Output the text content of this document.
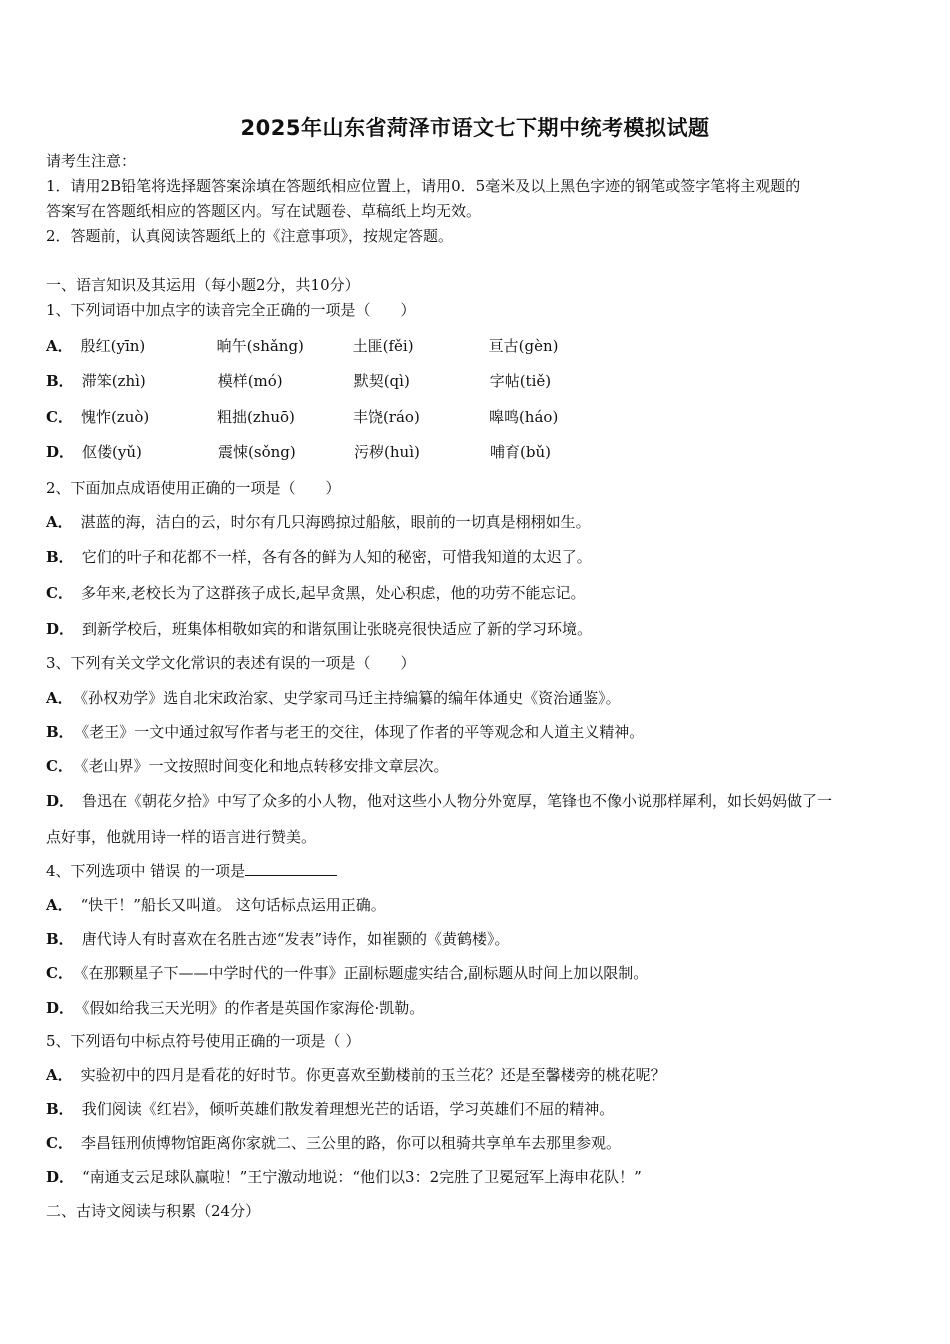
2025年山东省菏泽市语文七下期中统考模拟试题
请考生注意：
1．请用2B铅笔将选择题答案涂填在答题纸相应位置上，请用0．5毫米及以上黑色字迹的钢笔或签字笔将主观题的
答案写在答题纸相应的答题区内。写在试题卷、草稿纸上均无效。
2．答题前，认真阅读答题纸上的《注意事项》，按规定答题。
一、语言知识及其运用（每小题2分，共10分）
1、下列词语中加点字的读音完全正确的一项是（　　）
A． 殷红(yīn)	晌午(shǎng)	土匪(fěi)	亘古(gèn)
B． 滞笨(zhì)	模样(mó)	默契(qì)	字帖(tiě)
C． 愧怍(zuò)	粗拙(zhuō)	丰饶(ráo)	嗥鸣(háo)
D． 伛偻(yǔ)	震悚(sǒng)	污秽(huì)	哺育(bǔ)
2、下面加点成语使用正确的一项是（　　）
A． 湛蓝的海，洁白的云，时尔有几只海鸥掠过船舷，眼前的一切真是栩栩如生。
B． 它们的叶子和花都不一样，各有各的鲜为人知的秘密，可惜我知道的太迟了。
C． 多年来,老校长为了这群孩子成长,起早贪黑，处心积虑，他的功劳不能忘记。
D． 到新学校后，班集体相敬如宾的和谐氛围让张晓亮很快适应了新的学习环境。
3、下列有关文学文化常识的表述有误的一项是（　　）
A． 《孙权劝学》选自北宋政治家、史学家司马迁主持编纂的编年体通史《资治通鉴》。
B． 《老王》一文中通过叙写作者与老王的交往，体现了作者的平等观念和人道主义精神。
C． 《老山界》一文按照时间变化和地点转移安排文章层次。
D． 鲁迅在《朝花夕拾》中写了众多的小人物，他对这些小人物分外宽厚，笔锋也不像小说那样犀利，如长妈妈做了一
点好事，他就用诗一样的语言进行赞美。
4、下列选项中 错误 的一项是
A． “快干！”船长又叫道。 这句话标点运用正确。
B． 唐代诗人有时喜欢在名胜古迹“发表”诗作，如崔颢的《黄鹤楼》。
C． 《在那颗星子下——中学时代的一件事》正副标题虚实结合,副标题从时间上加以限制。
D． 《假如给我三天光明》的作者是英国作家海伦·凯勒。
5、下列语句中标点符号使用正确的一项是（ ）
A． 实验初中的四月是看花的好时节。你更喜欢至勤楼前的玉兰花？还是至馨楼旁的桃花呢？
B． 我们阅读《红岩》，倾听英雄们散发着理想光芒的话语，学习英雄们不屈的精神。
C． 李昌钰刑侦博物馆距离你家就二、三公里的路，你可以租骑共享单车去那里参观。
D． “南通支云足球队赢啦！”王宁激动地说：“他们以3：2完胜了卫冕冠军上海申花队！”
二、古诗文阅读与积累（24分）
